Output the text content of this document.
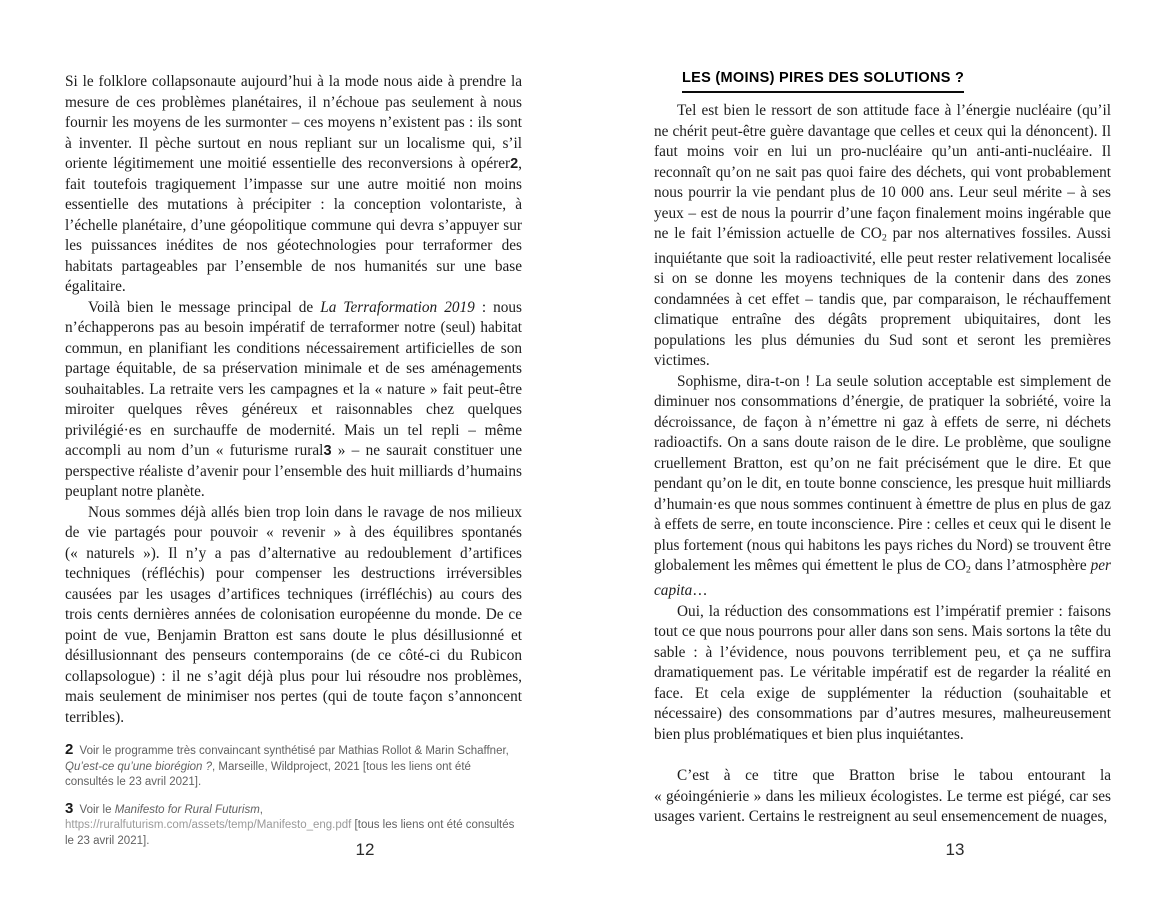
Si le folklore collapsonaute aujourd’hui à la mode nous aide à prendre la mesure de ces problèmes planétaires, il n’échoue pas seulement à nous fournir les moyens de les surmonter – ces moyens n’existent pas : ils sont à inventer. Il pèche surtout en nous repliant sur un localisme qui, s’il oriente légitimement une moitié essentielle des reconversions à opérer2, fait toutefois tragiquement l’impasse sur une autre moitié non moins essentielle des mutations à précipiter : la conception volontariste, à l’échelle planétaire, d’une géopolitique commune qui devra s’appuyer sur les puissances inédites de nos géotechnologies pour terraformer des habitats partageables par l’ensemble de nos humanités sur une base égalitaire.

Voilà bien le message principal de La Terraformation 2019 : nous n’échapperons pas au besoin impératif de terraformer notre (seul) habitat commun, en planifiant les conditions nécessairement artificielles de son partage équitable, de sa préservation minimale et de ses aménagements souhaitables. La retraite vers les campagnes et la « nature » fait peut-être miroiter quelques rêves généreux et raisonnables chez quelques privilégié·es en surchauffe de modernité. Mais un tel repli – même accompli au nom d’un « futurisme rural3 » – ne saurait constituer une perspective réaliste d’avenir pour l’ensemble des huit milliards d’humains peuplant notre planète.

Nous sommes déjà allés bien trop loin dans le ravage de nos milieux de vie partagés pour pouvoir « revenir » à des équilibres spontanés (« naturels »). Il n’y a pas d’alternative au redoublement d’artifices techniques (réfléchis) pour compenser les destructions irréversibles causées par les usages d’artifices techniques (irréfléchis) au cours des trois cents dernières années de colonisation européenne du monde. De ce point de vue, Benjamin Bratton est sans doute le plus désillusionné et désillusionnant des penseurs contemporains (de ce côté-ci du Rubicon collapsologue) : il ne s’agit déjà plus pour lui résoudre nos problèmes, mais seulement de minimiser nos pertes (qui de toute façon s’annoncent terribles).

2 Voir le programme très convaincant synthétisé par Mathias Rollot & Marin Schaffner, Qu’est-ce qu’une biorégion ?, Marseille, Wildproject, 2021 [tous les liens ont été consultés le 23 avril 2021].

3 Voir le Manifesto for Rural Futurism, https://ruralfuturism.com/assets/temp/Manifesto_eng.pdf [tous les liens ont été consultés le 23 avril 2021].

LES (MOINS) PIRES DES SOLUTIONS ?

Tel est bien le ressort de son attitude face à l’énergie nucléaire (qu’il ne chérit peut-être guère davantage que celles et ceux qui la dénoncent). Il faut moins voir en lui un pro-nucléaire qu’un anti-anti-nucléaire. Il reconnaît qu’on ne sait pas quoi faire des déchets, qui vont probablement nous pourrir la vie pendant plus de 10 000 ans. Leur seul mérite – à ses yeux – est de nous la pourrir d’une façon finalement moins ingérable que ne le fait l’émission actuelle de CO2 par nos alternatives fossiles. Aussi inquiétante que soit la radioactivité, elle peut rester relativement localisée si on se donne les moyens techniques de la contenir dans des zones condamnées à cet effet – tandis que, par comparaison, le réchauffement climatique entraîne des dégâts proprement ubiquitaires, dont les populations les plus démunies du Sud sont et seront les premières victimes.

Sophisme, dira-t-on ! La seule solution acceptable est simplement de diminuer nos consommations d’énergie, de pratiquer la sobriété, voire la décroissance, de façon à n’émettre ni gaz à effets de serre, ni déchets radioactifs. On a sans doute raison de le dire. Le problème, que souligne cruellement Bratton, est qu’on ne fait précisément que le dire. Et que pendant qu’on le dit, en toute bonne conscience, les presque huit milliards d’humain·es que nous sommes continuent à émettre de plus en plus de gaz à effets de serre, en toute inconscience. Pire : celles et ceux qui le disent le plus fortement (nous qui habitons les pays riches du Nord) se trouvent être globalement les mêmes qui émettent le plus de CO2 dans l’atmosphère per capita…

Oui, la réduction des consommations est l’impératif premier : faisons tout ce que nous pourrons pour aller dans son sens. Mais sortons la tête du sable : à l’évidence, nous pouvons terriblement peu, et ça ne suffira dramatiquement pas. Le véritable impératif est de regarder la réalité en face. Et cela exige de supplémenter la réduction (souhaitable et nécessaire) des consommations par d’autres mesures, malheureusement bien plus problématiques et bien plus inquiétantes.

C’est à ce titre que Bratton brise le tabou entourant la « géoingénierie » dans les milieux écologistes. Le terme est piégé, car ses usages varient. Certains le restreignent au seul ensemencement de nuages,

12	13
